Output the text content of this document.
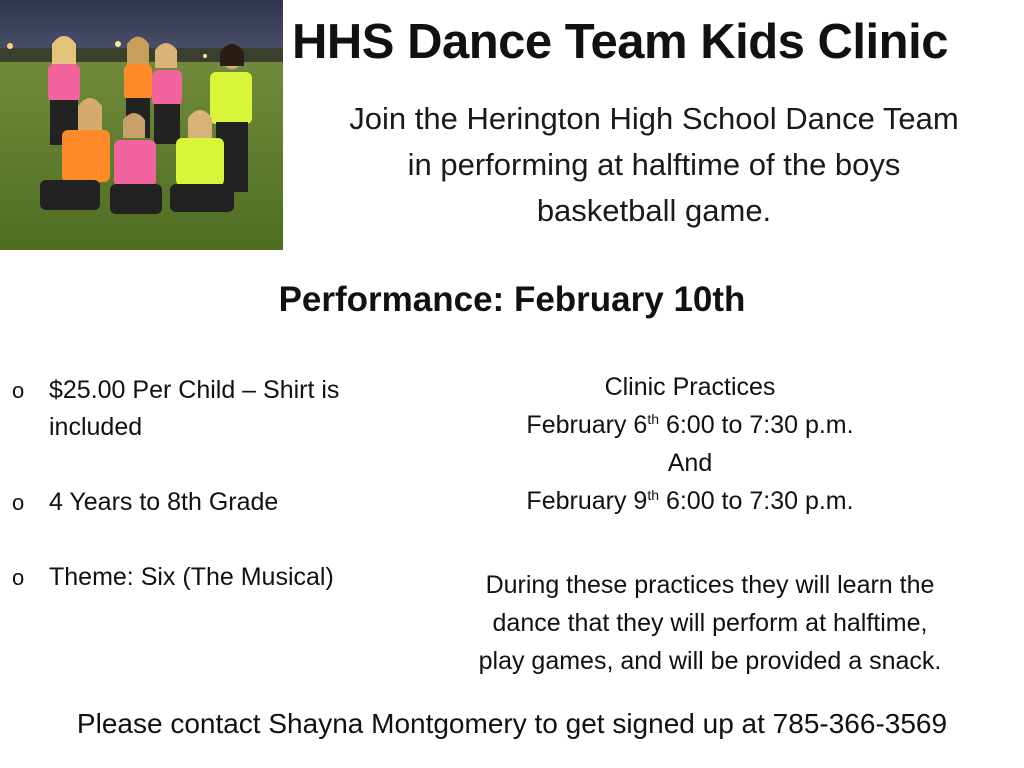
HHS Dance Team Kids Clinic
Join the Herington High School Dance Team
in performing at halftime of the boys
basketball game.
Performance: February 10th
o $25.00 Per Child – Shirt is included
o 4 Years to 8th Grade
o Theme: Six (The Musical)
Clinic Practices
February 6th 6:00 to 7:30 p.m.
And
February 9th 6:00 to 7:30 p.m.
During these practices they will learn the
dance that they will perform at halftime,
play games, and will be provided a snack.
Please contact Shayna Montgomery to get signed up at 785-366-3569
